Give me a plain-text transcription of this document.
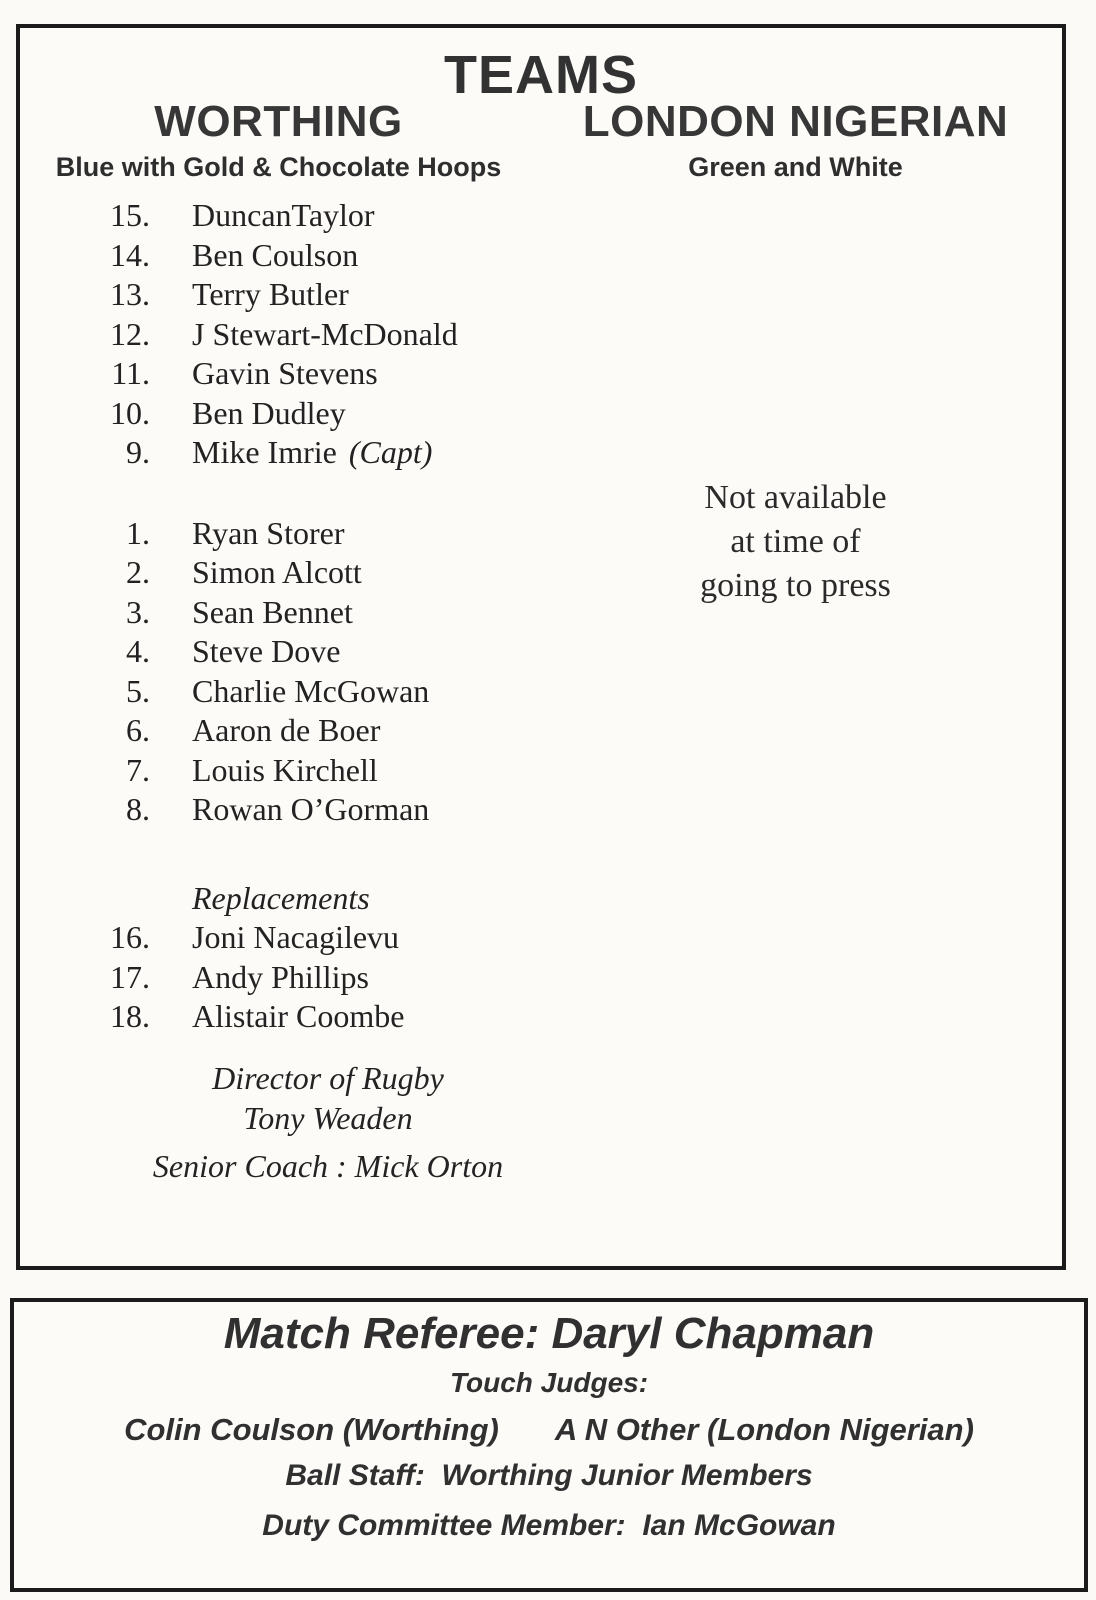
TEAMS
WORTHING
Blue with Gold & Chocolate Hoops
LONDON NIGERIAN
Green and White
15. DuncanTaylor
14. Ben Coulson
13. Terry Butler
12. J Stewart-McDonald
11. Gavin Stevens
10. Ben Dudley
9. Mike Imrie (Capt)
1. Ryan Storer
2. Simon Alcott
3. Sean Bennet
4. Steve Dove
5. Charlie McGowan
6. Aaron de Boer
7. Louis Kirchell
8. Rowan O’Gorman
Replacements
16. Joni Nacagilevu
17. Andy Phillips
18. Alistair Coombe
Director of Rugby
Tony Weaden
Senior Coach : Mick Orton
Not available
at time of
going to press
Match Referee: Daryl Chapman
Touch Judges:
Colin Coulson (Worthing) A N Other (London Nigerian)
Ball Staff:  Worthing Junior Members
Duty Committee Member:  Ian McGowan
